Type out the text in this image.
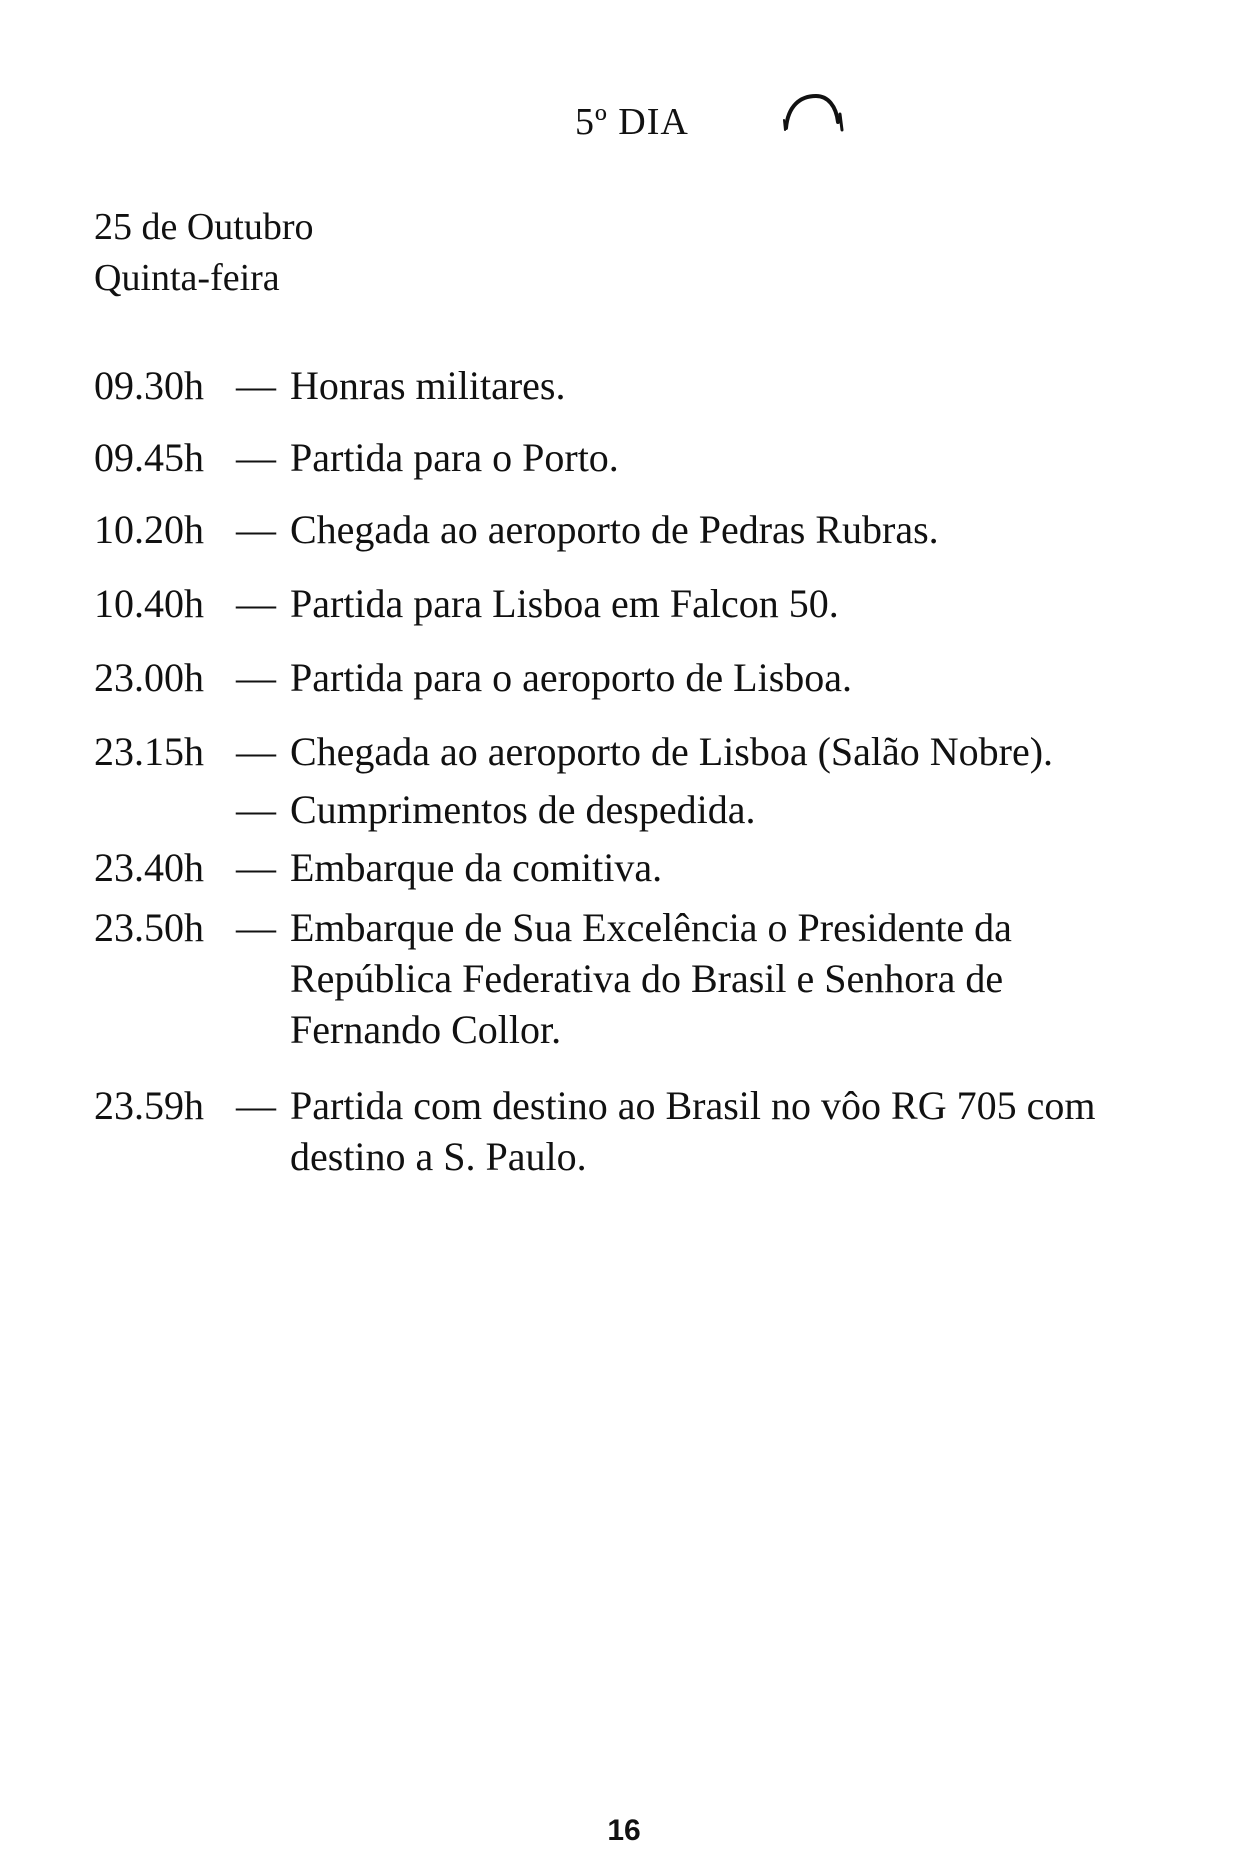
5º DIA
25 de Outubro
Quinta-feira
09.30h — Honras militares.
09.45h — Partida para o Porto.
10.20h — Chegada ao aeroporto de Pedras Rubras.
10.40h — Partida para Lisboa em Falcon 50.
23.00h — Partida para o aeroporto de Lisboa.
23.15h — Chegada ao aeroporto de Lisboa (Salão Nobre).
— Cumprimentos de despedida.
23.40h — Embarque da comitiva.
23.50h — Embarque de Sua Excelência o Presidente da República Federativa do Brasil e Senhora de Fernando Collor.
23.59h — Partida com destino ao Brasil no vôo RG 705 com destino a S. Paulo.
16
